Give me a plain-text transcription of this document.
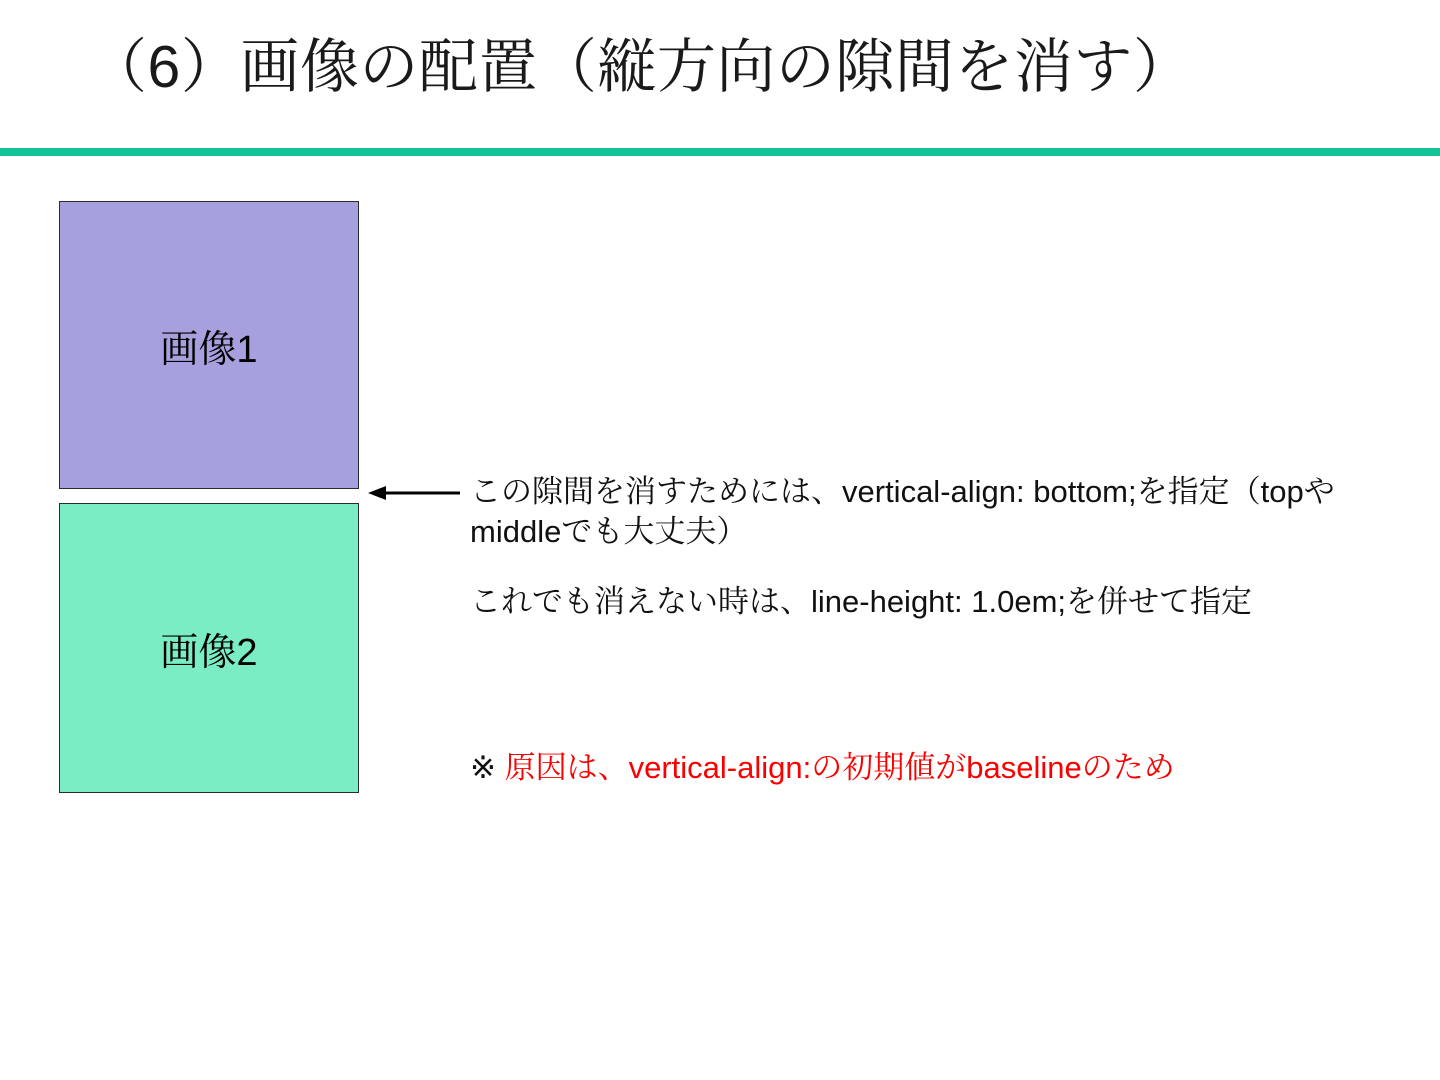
（6）画像の配置（縦方向の隙間を消す）
画像1
画像2
この隙間を消すためには、vertical-align: bottom;を指定（topやmiddleでも大丈夫）
これでも消えない時は、line-height: 1.0em;を併せて指定
※ 原因は、vertical-align:の初期値がbaselineのため
